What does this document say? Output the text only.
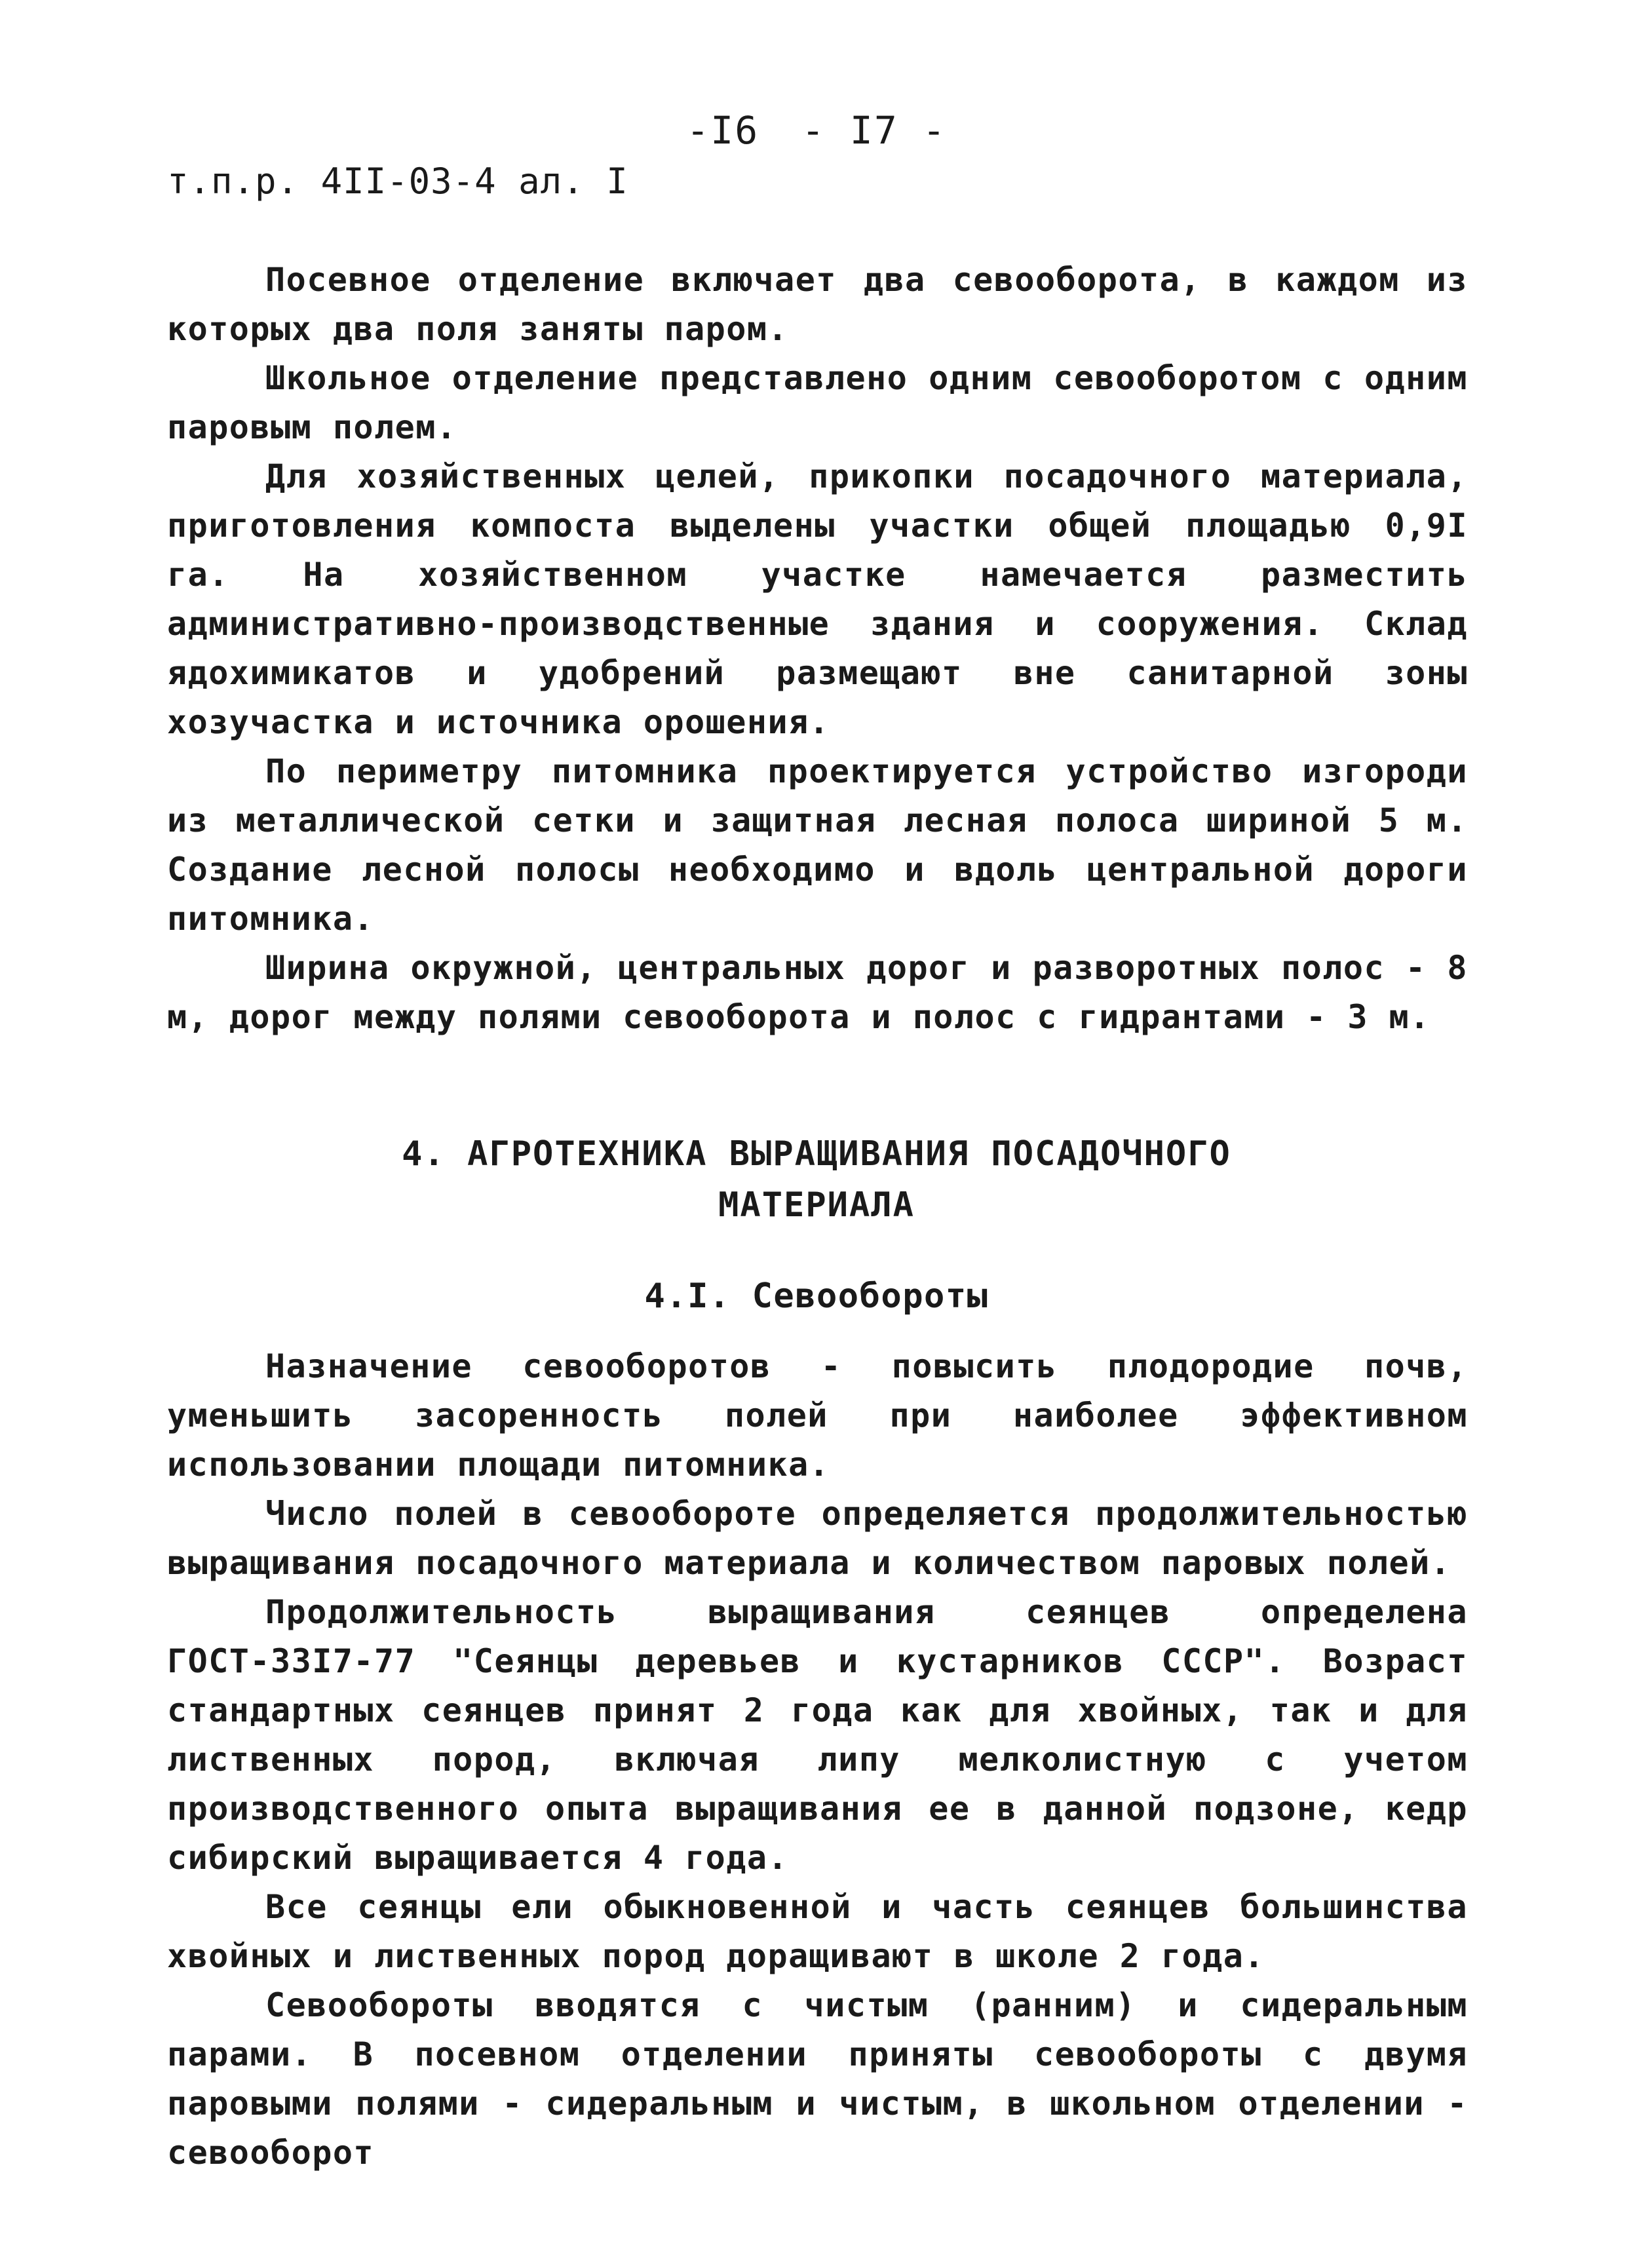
-I6 - I7 -
т.п.р. 4II-03-4 ал. I

Посевное отделение включает два севооборота, в каждом из которых два поля заняты паром.

Школьное отделение представлено одним севооборотом с одним паровым полем.

Для хозяйственных целей, прикопки посадочного материала, приготовления компоста выделены участки общей площадью 0,9I га. На хозяйственном участке намечается разместить административно-производственные здания и сооружения. Склад ядохимикатов и удобрений размещают вне санитарной зоны хозучастка и источника орошения.

По периметру питомника проектируется устройство изгороди из металлической сетки и защитная лесная полоса шириной 5 м. Создание лесной полосы необходимо и вдоль центральной дороги питомника.

Ширина окружной, центральных дорог и разворотных полос - 8 м, дорог между полями севооборота и полос с гидрантами - 3 м.

4. АГРОТЕХНИКА ВЫРАЩИВАНИЯ ПОСАДОЧНОГО
МАТЕРИАЛА
4.I. Севообороты

Назначение севооборотов - повысить плодородие почв, уменьшить засоренность полей при наиболее эффективном использовании площади питомника.

Число полей в севообороте определяется продолжительностью выращивания посадочного материала и количеством паровых полей.

Продолжительность выращивания сеянцев определена ГОСТ-33I7-77 "Сеянцы деревьев и кустарников СССР". Возраст стандартных сеянцев принят 2 года как для хвойных, так и для лиственных пород, включая липу мелколистную с учетом производственного опыта выращивания ее в данной подзоне, кедр сибирский выращивается 4 года.

Все сеянцы ели обыкновенной и часть сеянцев большинства хвойных и лиственных пород доращивают в школе 2 года.

Севообороты вводятся с чистым (ранним) и сидеральным парами. В посевном отделении приняты севообороты с двумя паровыми полями - сидеральным и чистым, в школьном отделении - севооборот
